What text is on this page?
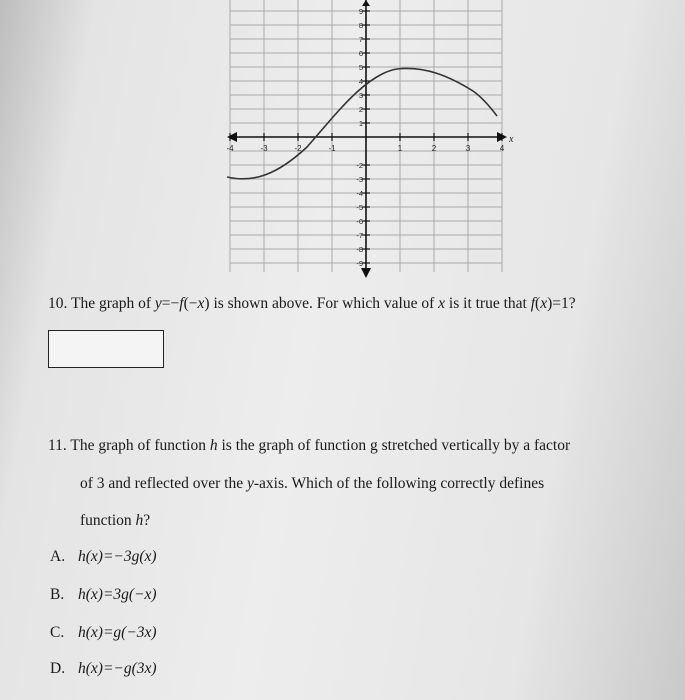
x
-4	-3	-2	-1	1	2	3	4
9
8
7
6
5
4
3
2
1
-2
-3
-4
-5
-6
-7
-8
-9
10. The graph of y=−f(−x) is shown above. For which value of x is it true that f(x)=1?
11. The graph of function h is the graph of function g stretched vertically by a factor
of 3 and reflected over the y-axis. Which of the following correctly defines
function h?
A. h(x)=−3g(x)
B. h(x)=3g(−x)
C. h(x)=g(−3x)
D. h(x)=−g(3x)
